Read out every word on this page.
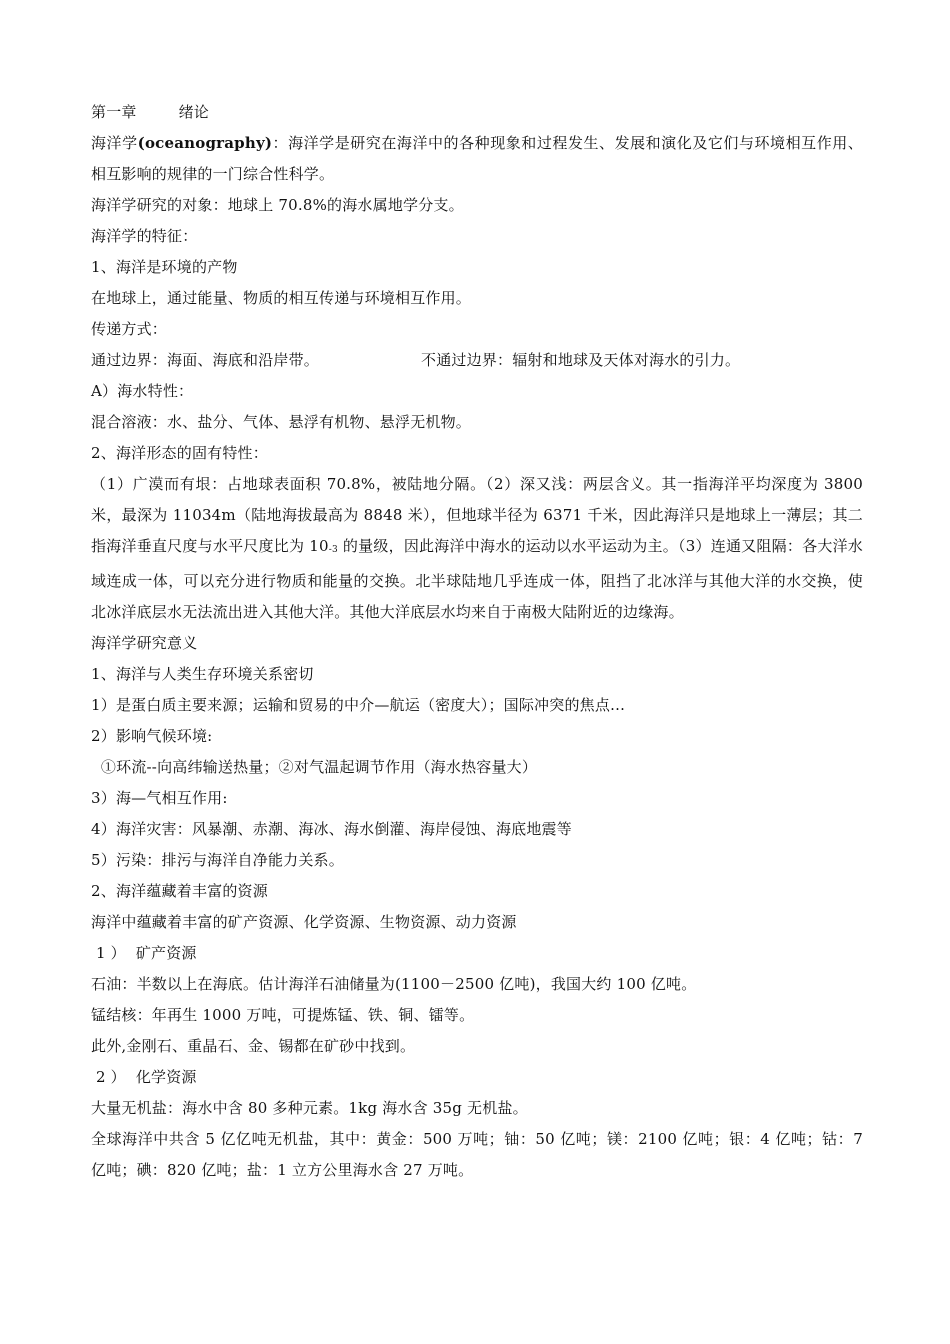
第一章	绪论
海洋学(oceanography)：海洋学是研究在海洋中的各种现象和过程发生、发展和演化及它们与环境相互作用、相互影响的规律的一门综合性科学。
海洋学研究的对象：地球上 70.8%的海水属地学分支。
海洋学的特征：
1、海洋是环境的产物
在地球上，通过能量、物质的相互传递与环境相互作用。
传递方式：
通过边界：海面、海底和沿岸带。	不通过边界：辐射和地球及天体对海水的引力。
A）海水特性：
混合溶液：水、盐分、气体、悬浮有机物、悬浮无机物。
2、海洋形态的固有特性：
（1）广漠而有垠：占地球表面积 70.8%，被陆地分隔。（2）深又浅：两层含义。其一指海洋平均深度为 3800 米，最深为 11034m（陆地海拔最高为 8848 米），但地球半径为 6371 千米，因此海洋只是地球上一薄层；其二指海洋垂直尺度与水平尺度比为 10-3 的量级，因此海洋中海水的运动以水平运动为主。（3）连通又阻隔：各大洋水域连成一体，可以充分进行物质和能量的交换。北半球陆地几乎连成一体，阻挡了北冰洋与其他大洋的水交换，使北冰洋底层水无法流出进入其他大洋。其他大洋底层水均来自于南极大陆附近的边缘海。
海洋学研究意义
1、海洋与人类生存环境关系密切
1）是蛋白质主要来源；运输和贸易的中介—航运（密度大）；国际冲突的焦点…
2）影响气候环境:
①环流--向高纬输送热量；②对气温起调节作用（海水热容量大）
3）海—气相互作用:
4）海洋灾害：风暴潮、赤潮、海冰、海水倒灌、海岸侵蚀、海底地震等
5）污染：排污与海洋自净能力关系。
2、海洋蕴藏着丰富的资源
海洋中蕴藏着丰富的矿产资源、化学资源、生物资源、动力资源
1 ）  矿产资源
石油：半数以上在海底。估计海洋石油储量为(1100－2500 亿吨)，我国大约 100 亿吨。
锰结核：年再生 1000 万吨，可提炼锰、铁、铜、镭等。
此外,金刚石、重晶石、金、锡都在矿砂中找到。
2 ）  化学资源
大量无机盐：海水中含 80 多种元素。1kg 海水含 35g 无机盐。
全球海洋中共含 5 亿亿吨无机盐，其中：黄金：500 万吨；铀：50 亿吨；镁：2100 亿吨；银：4 亿吨；钴：7 亿吨；碘：820 亿吨；盐：1 立方公里海水含 27 万吨。
